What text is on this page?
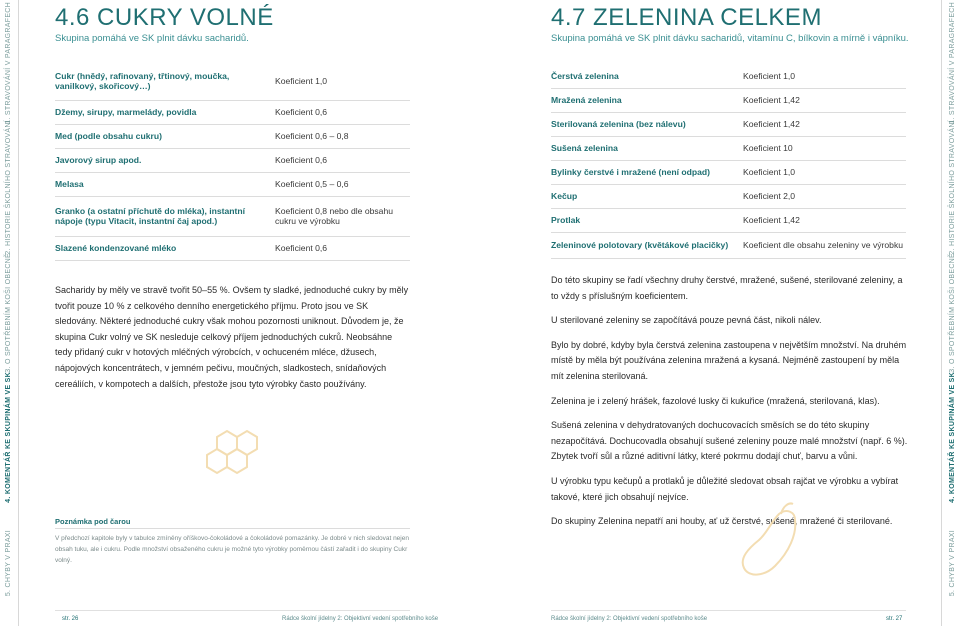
1. STRAVOVÁNÍ V PARAGRAFECH
2. HISTORIE ŠKOLNÍHO STRAVOVÁNÍ
3. O SPOTŘEBNÍM KOŠI OBECNĚ
4. KOMENTÁŘ KE SKUPINÁM VE SK
5. CHYBY V PRAXI
1. STRAVOVÁNÍ V PARAGRAFECH
2. HISTORIE ŠKOLNÍHO STRAVOVÁNÍ
3. O SPOTŘEBNÍM KOŠI OBECNĚ
4. KOMENTÁŘ KE SKUPINÁM VE SK
5. CHYBY V PRAXI
4.6 CUKRY VOLNÉ
Skupina pomáhá ve SK plnit dávku sacharidů.
Cukr (hnědý, rafinovaný, třtinový, moučka, vanilkový, skořicový…)	Koeficient 1,0
Džemy, sirupy, marmelády, povidla	Koeficient 0,6
Med (podle obsahu cukru)	Koeficient 0,6 – 0,8
Javorový sirup apod.	Koeficient 0,6
Melasa	Koeficient 0,5 – 0,6
Granko (a ostatní příchutě do mléka), instantní nápoje (typu Vitacit, instantní čaj apod.)	Koeficient 0,8 nebo dle obsahu cukru ve výrobku
Slazené kondenzované mléko	Koeficient 0,6

Sacharidy by měly ve stravě tvořit 50–55 %. Ovšem ty sladké, jednoduché cukry by měly tvořit pouze 10 % z celkového denního energetického příjmu. Proto jsou ve SK sledovány. Některé jednoduché cukry však mohou pozornosti uniknout. Důvodem je, že skupina Cukr volný ve SK nesleduje celkový příjem jednoduchých cukrů. Neobsáhne tedy přidaný cukr v hotových mléčných výrobcích, v ochuceném mléce, džusech, nápojových koncentrátech, v jemném pečivu, moučných, sladkostech, snídaňových cereáliích, v kompotech a dalších, přestože jsou tyto výrobky často používány.

Poznámka pod čarou
V předchozí kapitole byly v tabulce zmíněny oříškovo-čokoládové a čokoládové pomazánky. Je dobré v nich sledovat nejen obsah tuku, ale i cukru. Podle množství obsaženého cukru je možné tyto výrobky poměrnou částí zařadit i do skupiny Cukr volný.
str. 26	Rádce školní jídelny 2: Objektivní vedení spotřebního koše
4.7 ZELENINA CELKEM
Skupina pomáhá ve SK plnit dávku sacharidů, vitamínu C, bílkovin a mírně i vápníku.
Čerstvá zelenina	Koeficient 1,0
Mražená zelenina	Koeficient 1,42
Sterilovaná zelenina (bez nálevu)	Koeficient 1,42
Sušená zelenina	Koeficient 10
Bylinky čerstvé i mražené (není odpad)	Koeficient 1,0
Kečup	Koeficient 2,0
Protlak	Koeficient 1,42
Zeleninové polotovary (květákové placičky)	Koeficient dle obsahu zeleniny ve výrobku

Do této skupiny se řadí všechny druhy čerstvé, mražené, sušené, sterilované zeleniny, a to vždy s příslušným koeficientem.

U sterilované zeleniny se započítává pouze pevná část, nikoli nálev.

Bylo by dobré, kdyby byla čerstvá zelenina zastoupena v největším množství. Na druhém místě by měla být používána zelenina mražená a kysaná. Nejméně zastoupení by měla mít zelenina sterilovaná.

Zelenina je i zelený hrášek, fazolové lusky či kukuřice (mražená, sterilovaná, klas).

Sušená zelenina v dehydratovaných dochucovacích směsích se do této skupiny nezapočítává. Dochucovadla obsahují sušené zeleniny pouze malé množství (např. 6 %). Zbytek tvoří sůl a různé aditivní látky, které pokrmu dodají chuť, barvu a vůni.

U výrobku typu kečupů a protlaků je důležité sledovat obsah rajčat ve výrobku a vybírat takové, které jich obsahují nejvíce.

Do skupiny Zelenina nepatří ani houby, ať už čerstvé, sušené, mražené či sterilované.

Rádce školní jídelny 2: Objektivní vedení spotřebního koše	str. 27
